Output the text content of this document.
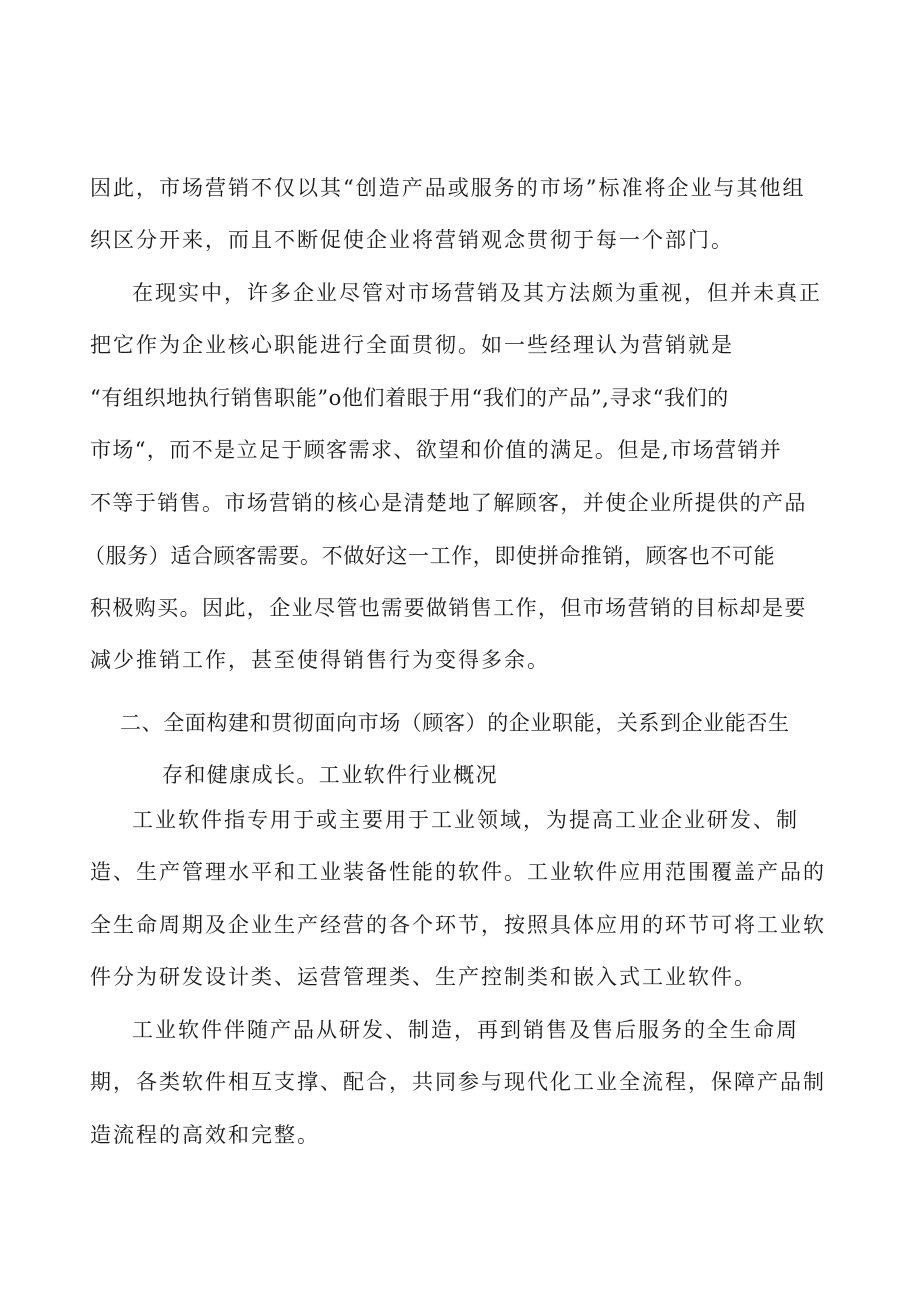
因此，市场营销不仅以其“创造产品或服务的市场”标准将企业与其他组
织区分开来，而且不断促使企业将营销观念贯彻于每一个部门。
在现实中，许多企业尽管对市场营销及其方法颇为重视，但并未真正
把它作为企业核心职能进行全面贯彻。如一些经理认为营销就是
“有组织地执行销售职能”o他们着眼于用“我们的产品”,寻求“我们的
市场“，而不是立足于顾客需求、欲望和价值的满足。但是,市场营销并
不等于销售。市场营销的核心是清楚地了解顾客，并使企业所提供的产品
（服务）适合顾客需要。不做好这一工作，即使拼命推销，顾客也不可能
积极购买。因此，企业尽管也需要做销售工作，但市场营销的目标却是要
减少推销工作，甚至使得销售行为变得多余。
二、全面构建和贯彻面向市场（顾客）的企业职能，关系到企业能否生
存和健康成长。工业软件行业概况
工业软件指专用于或主要用于工业领域，为提高工业企业研发、制
造、生产管理水平和工业装备性能的软件。工业软件应用范围覆盖产品的
全生命周期及企业生产经营的各个环节，按照具体应用的环节可将工业软
件分为研发设计类、运营管理类、生产控制类和嵌入式工业软件。
工业软件伴随产品从研发、制造，再到销售及售后服务的全生命周
期，各类软件相互支撑、配合，共同参与现代化工业全流程，保障产品制
造流程的高效和完整。
